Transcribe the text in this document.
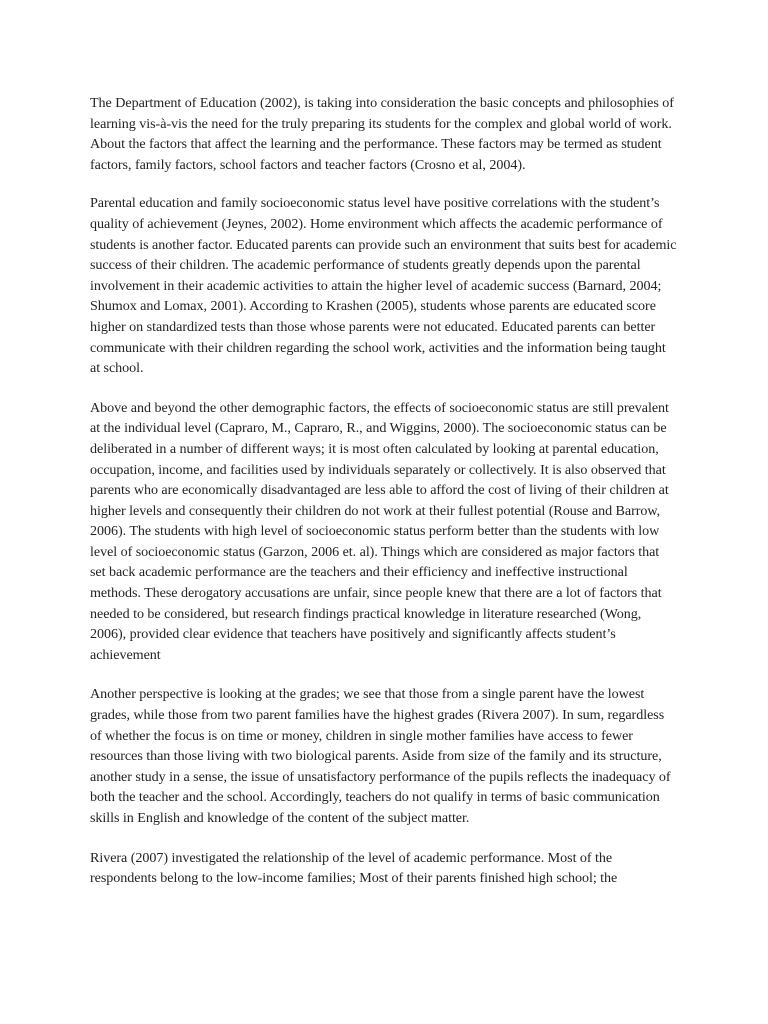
The Department of Education (2002), is taking into consideration the basic concepts and philosophies of learning vis-à-vis the need for the truly preparing its students for the complex and global world of work. About the factors that affect the learning and the performance. These factors may be termed as student factors, family factors, school factors and teacher factors (Crosno et al, 2004).

Parental education and family socioeconomic status level have positive correlations with the student’s quality of achievement (Jeynes, 2002). Home environment which affects the academic performance of students is another factor. Educated parents can provide such an environment that suits best for academic success of their children. The academic performance of students greatly depends upon the parental involvement in their academic activities to attain the higher level of academic success (Barnard, 2004; Shumox and Lomax, 2001). According to Krashen (2005), students whose parents are educated score higher on standardized tests than those whose parents were not educated. Educated parents can better communicate with their children regarding the school work, activities and the information being taught at school.

Above and beyond the other demographic factors, the effects of socioeconomic status are still prevalent at the individual level (Capraro, M., Capraro, R., and Wiggins, 2000). The socioeconomic status can be deliberated in a number of different ways; it is most often calculated by looking at parental education, occupation, income, and facilities used by individuals separately or collectively. It is also observed that parents who are economically disadvantaged are less able to afford the cost of living of their children at higher levels and consequently their children do not work at their fullest potential (Rouse and Barrow, 2006). The students with high level of socioeconomic status perform better than the students with low level of socioeconomic status (Garzon, 2006 et. al). Things which are considered as major factors that set back academic performance are the teachers and their efficiency and ineffective instructional methods. These derogatory accusations are unfair, since people knew that there are a lot of factors that needed to be considered, but research findings practical knowledge in literature researched (Wong, 2006), provided clear evidence that teachers have positively and significantly affects student’s achievement

Another perspective is looking at the grades; we see that those from a single parent have the lowest grades, while those from two parent families have the highest grades (Rivera 2007). In sum, regardless of whether the focus is on time or money, children in single mother families have access to fewer resources than those living with two biological parents. Aside from size of the family and its structure, another study in a sense, the issue of unsatisfactory performance of the pupils reflects the inadequacy of both the teacher and the school. Accordingly, teachers do not qualify in terms of basic communication skills in English and knowledge of the content of the subject matter.

Rivera (2007) investigated the relationship of the level of academic performance. Most of the respondents belong to the low-income families; Most of their parents finished high school; the
